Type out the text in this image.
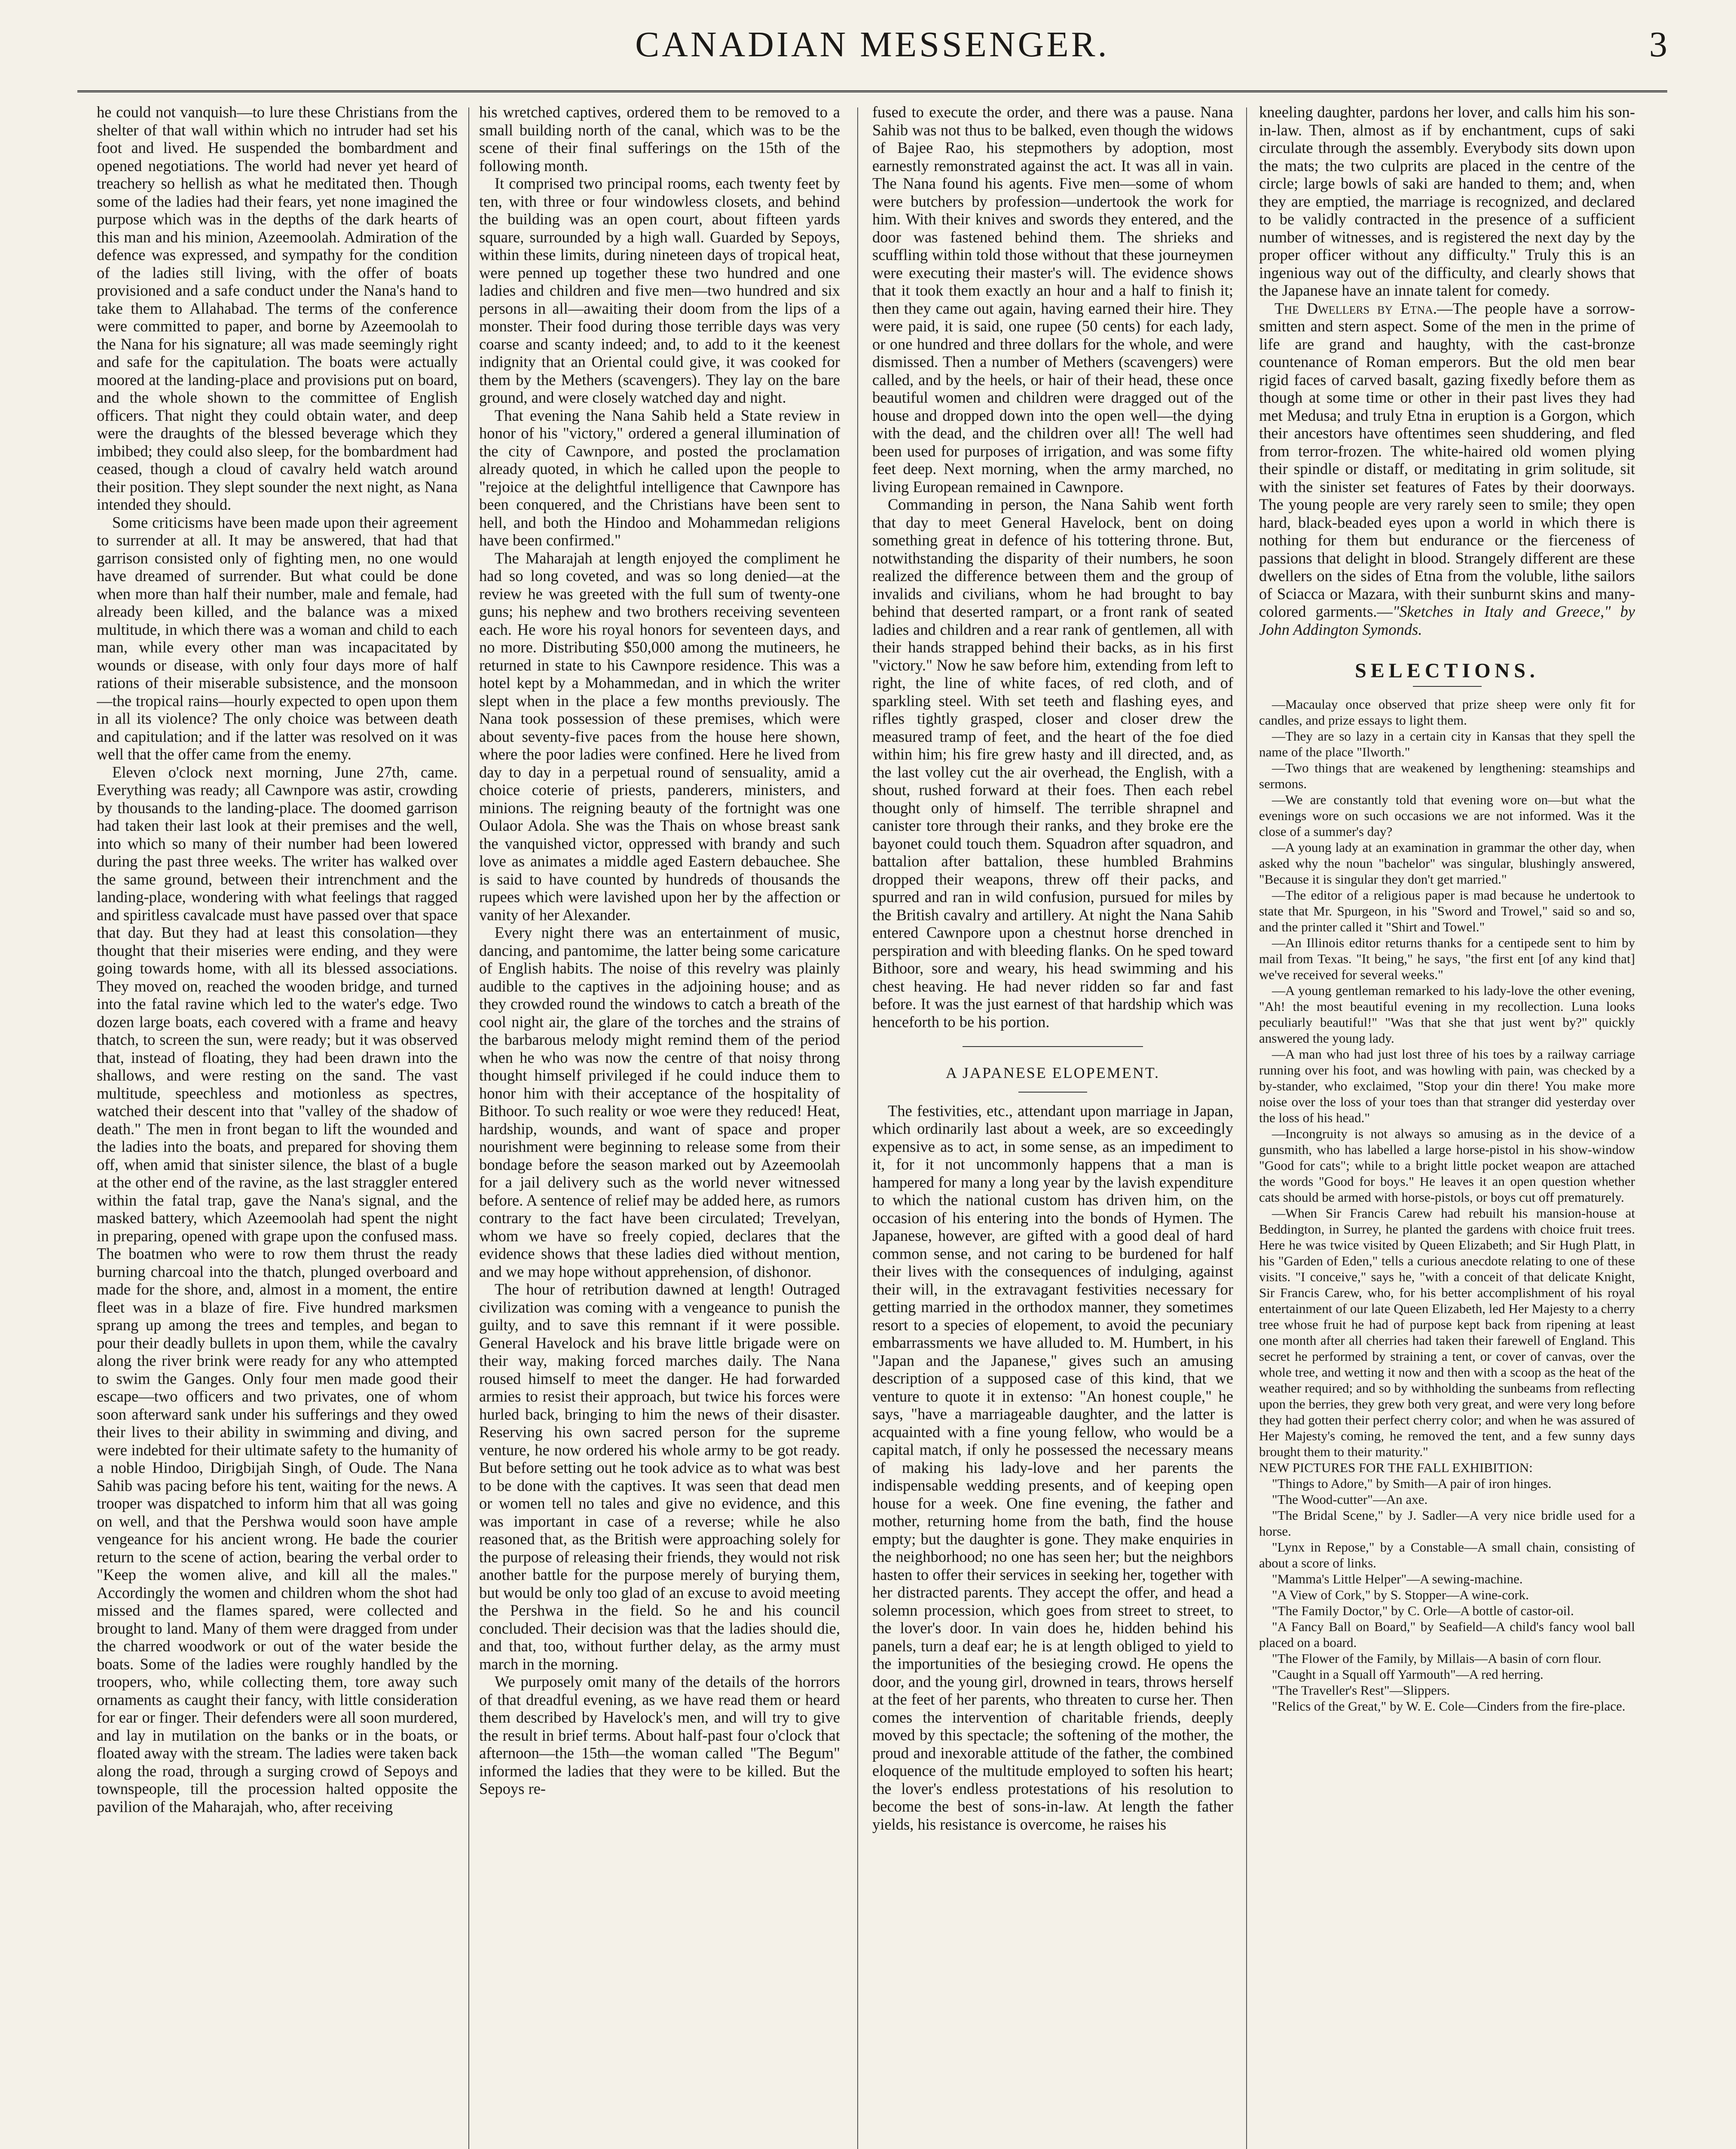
CANADIAN MESSENGER.	3

he could not vanquish—to lure these Christians from the shelter of that wall within which no intruder had set his foot and lived. He suspended the bombardment and opened negotiations. The world had never yet heard of treachery so hellish as what he meditated then. Though some of the ladies had their fears, yet none imagined the purpose which was in the depths of the dark hearts of this man and his minion, Azeemoolah. Admiration of the defence was expressed, and sympathy for the condition of the ladies still living, with the offer of boats provisioned and a safe conduct under the Nana's hand to take them to Allahabad. The terms of the conference were committed to paper, and borne by Azeemoolah to the Nana for his signature; all was made seemingly right and safe for the capitulation. The boats were actually moored at the landing-place and provisions put on board, and the whole shown to the committee of English officers. That night they could obtain water, and deep were the draughts of the blessed beverage which they imbibed; they could also sleep, for the bombardment had ceased, though a cloud of cavalry held watch around their position. They slept sounder the next night, as Nana intended they should.

Some criticisms have been made upon their agreement to surrender at all. It may be answered, that had that garrison consisted only of fighting men, no one would have dreamed of surrender. But what could be done when more than half their number, male and female, had already been killed, and the balance was a mixed multitude, in which there was a woman and child to each man, while every other man was incapacitated by wounds or disease, with only four days more of half rations of their miserable subsistence, and the monsoon—the tropical rains—hourly expected to open upon them in all its violence? The only choice was between death and capitulation; and if the latter was resolved on it was well that the offer came from the enemy.

Eleven o'clock next morning, June 27th, came. Everything was ready; all Cawnpore was astir, crowding by thousands to the landing-place. The doomed garrison had taken their last look at their premises and the well, into which so many of their number had been lowered during the past three weeks. The writer has walked over the same ground, between their intrenchment and the landing-place, wondering with what feelings that ragged and spiritless cavalcade must have passed over that space that day. But they had at least this consolation—they thought that their miseries were ending, and they were going towards home, with all its blessed associations. They moved on, reached the wooden bridge, and turned into the fatal ravine which led to the water's edge. Two dozen large boats, each covered with a frame and heavy thatch, to screen the sun, were ready; but it was observed that, instead of floating, they had been drawn into the shallows, and were resting on the sand. The vast multitude, speechless and motionless as spectres, watched their descent into that "valley of the shadow of death." The men in front began to lift the wounded and the ladies into the boats, and prepared for shoving them off, when amid that sinister silence, the blast of a bugle at the other end of the ravine, as the last straggler entered within the fatal trap, gave the Nana's signal, and the masked battery, which Azeemoolah had spent the night in preparing, opened with grape upon the confused mass. The boatmen who were to row them thrust the ready burning charcoal into the thatch, plunged overboard and made for the shore, and, almost in a moment, the entire fleet was in a blaze of fire. Five hundred marksmen sprang up among the trees and temples, and began to pour their deadly bullets in upon them, while the cavalry along the river brink were ready for any who attempted to swim the Ganges. Only four men made good their escape—two officers and two privates, one of whom soon afterward sank under his sufferings and they owed their lives to their ability in swimming and diving, and were indebted for their ultimate safety to the humanity of a noble Hindoo, Dirigbijah Singh, of Oude. The Nana Sahib was pacing before his tent, waiting for the news. A trooper was dispatched to inform him that all was going on well, and that the Pershwa would soon have ample vengeance for his ancient wrong. He bade the courier return to the scene of action, bearing the verbal order to "Keep the women alive, and kill all the males." Accordingly the women and children whom the shot had missed and the flames spared, were collected and brought to land. Many of them were dragged from under the charred woodwork or out of the water beside the boats. Some of the ladies were roughly handled by the troopers, who, while collecting them, tore away such ornaments as caught their fancy, with little consideration for ear or finger. Their defenders were all soon murdered, and lay in mutilation on the banks or in the boats, or floated away with the stream. The ladies were taken back along the road, through a surging crowd of Sepoys and townspeople, till the procession halted opposite the pavilion of the Maharajah, who, after receiving

his wretched captives, ordered them to be removed to a small building north of the canal, which was to be the scene of their final sufferings on the 15th of the following month.

It comprised two principal rooms, each twenty feet by ten, with three or four windowless closets, and behind the building was an open court, about fifteen yards square, surrounded by a high wall. Guarded by Sepoys, within these limits, during nineteen days of tropical heat, were penned up together these two hundred and one ladies and children and five men—two hundred and six persons in all—awaiting their doom from the lips of a monster. Their food during those terrible days was very coarse and scanty indeed; and, to add to it the keenest indignity that an Oriental could give, it was cooked for them by the Methers (scavengers). They lay on the bare ground, and were closely watched day and night.

That evening the Nana Sahib held a State review in honor of his "victory," ordered a general illumination of the city of Cawnpore, and posted the proclamation already quoted, in which he called upon the people to "rejoice at the delightful intelligence that Cawnpore has been conquered, and the Christians have been sent to hell, and both the Hindoo and Mohammedan religions have been confirmed."

The Maharajah at length enjoyed the compliment he had so long coveted, and was so long denied—at the review he was greeted with the full sum of twenty-one guns; his nephew and two brothers receiving seventeen each. He wore his royal honors for seventeen days, and no more. Distributing $50,000 among the mutineers, he returned in state to his Cawnpore residence. This was a hotel kept by a Mohammedan, and in which the writer slept when in the place a few months previously. The Nana took possession of these premises, which were about seventy-five paces from the house here shown, where the poor ladies were confined. Here he lived from day to day in a perpetual round of sensuality, amid a choice coterie of priests, panderers, ministers, and minions. The reigning beauty of the fortnight was one Oulaor Adola. She was the Thais on whose breast sank the vanquished victor, oppressed with brandy and such love as animates a middle aged Eastern debauchee. She is said to have counted by hundreds of thousands the rupees which were lavished upon her by the affection or vanity of her Alexander.

Every night there was an entertainment of music, dancing, and pantomime, the latter being some caricature of English habits. The noise of this revelry was plainly audible to the captives in the adjoining house; and as they crowded round the windows to catch a breath of the cool night air, the glare of the torches and the strains of the barbarous melody might remind them of the period when he who was now the centre of that noisy throng thought himself privileged if he could induce them to honor him with their acceptance of the hospitality of Bithoor. To such reality or woe were they reduced! Heat, hardship, wounds, and want of space and proper nourishment were beginning to release some from their bondage before the season marked out by Azeemoolah for a jail delivery such as the world never witnessed before. A sentence of relief may be added here, as rumors contrary to the fact have been circulated; Trevelyan, whom we have so freely copied, declares that the evidence shows that these ladies died without mention, and we may hope without apprehension, of dishonor.

The hour of retribution dawned at length! Outraged civilization was coming with a vengeance to punish the guilty, and to save this remnant if it were possible. General Havelock and his brave little brigade were on their way, making forced marches daily. The Nana roused himself to meet the danger. He had forwarded armies to resist their approach, but twice his forces were hurled back, bringing to him the news of their disaster. Reserving his own sacred person for the supreme venture, he now ordered his whole army to be got ready. But before setting out he took advice as to what was best to be done with the captives. It was seen that dead men or women tell no tales and give no evidence, and this was important in case of a reverse; while he also reasoned that, as the British were approaching solely for the purpose of releasing their friends, they would not risk another battle for the purpose merely of burying them, but would be only too glad of an excuse to avoid meeting the Pershwa in the field. So he and his council concluded. Their decision was that the ladies should die, and that, too, without further delay, as the army must march in the morning.

We purposely omit many of the details of the horrors of that dreadful evening, as we have read them or heard them described by Havelock's men, and will try to give the result in brief terms. About half-past four o'clock that afternoon—the 15th—the woman called "The Begum" informed the ladies that they were to be killed. But the Sepoys re-

fused to execute the order, and there was a pause. Nana Sahib was not thus to be balked, even though the widows of Bajee Rao, his stepmothers by adoption, most earnestly remonstrated against the act. It was all in vain. The Nana found his agents. Five men—some of whom were butchers by profession—undertook the work for him. With their knives and swords they entered, and the door was fastened behind them. The shrieks and scuffling within told those without that these journeymen were executing their master's will. The evidence shows that it took them exactly an hour and a half to finish it; then they came out again, having earned their hire. They were paid, it is said, one rupee (50 cents) for each lady, or one hundred and three dollars for the whole, and were dismissed. Then a number of Methers (scavengers) were called, and by the heels, or hair of their head, these once beautiful women and children were dragged out of the house and dropped down into the open well—the dying with the dead, and the children over all! The well had been used for purposes of irrigation, and was some fifty feet deep. Next morning, when the army marched, no living European remained in Cawnpore.

Commanding in person, the Nana Sahib went forth that day to meet General Havelock, bent on doing something great in defence of his tottering throne. But, notwithstanding the disparity of their numbers, he soon realized the difference between them and the group of invalids and civilians, whom he had brought to bay behind that deserted rampart, or a front rank of seated ladies and children and a rear rank of gentlemen, all with their hands strapped behind their backs, as in his first "victory." Now he saw before him, extending from left to right, the line of white faces, of red cloth, and of sparkling steel. With set teeth and flashing eyes, and rifles tightly grasped, closer and closer drew the measured tramp of feet, and the heart of the foe died within him; his fire grew hasty and ill directed, and, as the last volley cut the air overhead, the English, with a shout, rushed forward at their foes. Then each rebel thought only of himself. The terrible shrapnel and canister tore through their ranks, and they broke ere the bayonet could touch them. Squadron after squadron, and battalion after battalion, these humbled Brahmins dropped their weapons, threw off their packs, and spurred and ran in wild confusion, pursued for miles by the British cavalry and artillery. At night the Nana Sahib entered Cawnpore upon a chestnut horse drenched in perspiration and with bleeding flanks. On he sped toward Bithoor, sore and weary, his head swimming and his chest heaving. He had never ridden so far and fast before. It was the just earnest of that hardship which was henceforth to be his portion.

A JAPANESE ELOPEMENT.

The festivities, etc., attendant upon marriage in Japan, which ordinarily last about a week, are so exceedingly expensive as to act, in some sense, as an impediment to it, for it not uncommonly happens that a man is hampered for many a long year by the lavish expenditure to which the national custom has driven him, on the occasion of his entering into the bonds of Hymen. The Japanese, however, are gifted with a good deal of hard common sense, and not caring to be burdened for half their lives with the consequences of indulging, against their will, in the extravagant festivities necessary for getting married in the orthodox manner, they sometimes resort to a species of elopement, to avoid the pecuniary embarrassments we have alluded to. M. Humbert, in his "Japan and the Japanese," gives such an amusing description of a supposed case of this kind, that we venture to quote it in extenso: "An honest couple," he says, "have a marriageable daughter, and the latter is acquainted with a fine young fellow, who would be a capital match, if only he possessed the necessary means of making his lady-love and her parents the indispensable wedding presents, and of keeping open house for a week. One fine evening, the father and mother, returning home from the bath, find the house empty; but the daughter is gone. They make enquiries in the neighborhood; no one has seen her; but the neighbors hasten to offer their services in seeking her, together with her distracted parents. They accept the offer, and head a solemn procession, which goes from street to street, to the lover's door. In vain does he, hidden behind his panels, turn a deaf ear; he is at length obliged to yield to the importunities of the besieging crowd. He opens the door, and the young girl, drowned in tears, throws herself at the feet of her parents, who threaten to curse her. Then comes the intervention of charitable friends, deeply moved by this spectacle; the softening of the mother, the proud and inexorable attitude of the father, the combined eloquence of the multitude employed to soften his heart; the lover's endless protestations of his resolution to become the best of sons-in-law. At length the father yields, his resistance is overcome, he raises his

kneeling daughter, pardons her lover, and calls him his son-in-law. Then, almost as if by enchantment, cups of saki circulate through the assembly. Everybody sits down upon the mats; the two culprits are placed in the centre of the circle; large bowls of saki are handed to them; and, when they are emptied, the marriage is recognized, and declared to be validly contracted in the presence of a sufficient number of witnesses, and is registered the next day by the proper officer without any difficulty." Truly this is an ingenious way out of the difficulty, and clearly shows that the Japanese have an innate talent for comedy.

The Dwellers by Etna.—The people have a sorrow-smitten and stern aspect. Some of the men in the prime of life are grand and haughty, with the cast-bronze countenance of Roman emperors. But the old men bear rigid faces of carved basalt, gazing fixedly before them as though at some time or other in their past lives they had met Medusa; and truly Etna in eruption is a Gorgon, which their ancestors have oftentimes seen shuddering, and fled from terror-frozen. The white-haired old women plying their spindle or distaff, or meditating in grim solitude, sit with the sinister set features of Fates by their doorways. The young people are very rarely seen to smile; they open hard, black-beaded eyes upon a world in which there is nothing for them but endurance or the fierceness of passions that delight in blood. Strangely different are these dwellers on the sides of Etna from the voluble, lithe sailors of Sciacca or Mazara, with their sunburnt skins and many-colored garments.—"Sketches in Italy and Greece," by John Addington Symonds.

SELECTIONS.

—Macaulay once observed that prize sheep were only fit for candles, and prize essays to light them.

—They are so lazy in a certain city in Kansas that they spell the name of the place "Ilworth."

—Two things that are weakened by lengthening: steamships and sermons.

—We are constantly told that evening wore on—but what the evenings wore on such occasions we are not informed. Was it the close of a summer's day?

—A young lady at an examination in grammar the other day, when asked why the noun "bachelor" was singular, blushingly answered, "Because it is singular they don't get married."

—The editor of a religious paper is mad because he undertook to state that Mr. Spurgeon, in his "Sword and Trowel," said so and so, and the printer called it "Shirt and Towel."

—An Illinois editor returns thanks for a centipede sent to him by mail from Texas. "It being," he says, "the first ent [of any kind that] we've received for several weeks."

—A young gentleman remarked to his lady-love the other evening, "Ah! the most beautiful evening in my recollection. Luna looks peculiarly beautiful!" "Was that she that just went by?" quickly answered the young lady.

—A man who had just lost three of his toes by a railway carriage running over his foot, and was howling with pain, was checked by a by-stander, who exclaimed, "Stop your din there! You make more noise over the loss of your toes than that stranger did yesterday over the loss of his head."

—Incongruity is not always so amusing as in the device of a gunsmith, who has labelled a large horse-pistol in his show-window "Good for cats"; while to a bright little pocket weapon are attached the words "Good for boys." He leaves it an open question whether cats should be armed with horse-pistols, or boys cut off prematurely.

—When Sir Francis Carew had rebuilt his mansion-house at Beddington, in Surrey, he planted the gardens with choice fruit trees. Here he was twice visited by Queen Elizabeth; and Sir Hugh Platt, in his "Garden of Eden," tells a curious anecdote relating to one of these visits. "I conceive," says he, "with a conceit of that delicate Knight, Sir Francis Carew, who, for his better accomplishment of his royal entertainment of our late Queen Elizabeth, led Her Majesty to a cherry tree whose fruit he had of purpose kept back from ripening at least one month after all cherries had taken their farewell of England. This secret he performed by straining a tent, or cover of canvas, over the whole tree, and wetting it now and then with a scoop as the heat of the weather required; and so by withholding the sunbeams from reflecting upon the berries, they grew both very great, and were very long before they had gotten their perfect cherry color; and when he was assured of Her Majesty's coming, he removed the tent, and a few sunny days brought them to their maturity."

NEW PICTURES FOR THE FALL EXHIBITION:

"Things to Adore," by Smith—A pair of iron hinges.

"The Wood-cutter"—An axe.

"The Bridal Scene," by J. Sadler—A very nice bridle used for a horse.

"Lynx in Repose," by a Constable—A small chain, consisting of about a score of links.

"Mamma's Little Helper"—A sewing-machine.

"A View of Cork," by S. Stopper—A wine-cork.

"The Family Doctor," by C. Orle—A bottle of castor-oil.

"A Fancy Ball on Board," by Seafield—A child's fancy wool ball placed on a board.

"The Flower of the Family, by Millais—A basin of corn flour.

"Caught in a Squall off Yarmouth"—A red herring.

"The Traveller's Rest"—Slippers.

"Relics of the Great," by W. E. Cole—Cinders from the fire-place.
